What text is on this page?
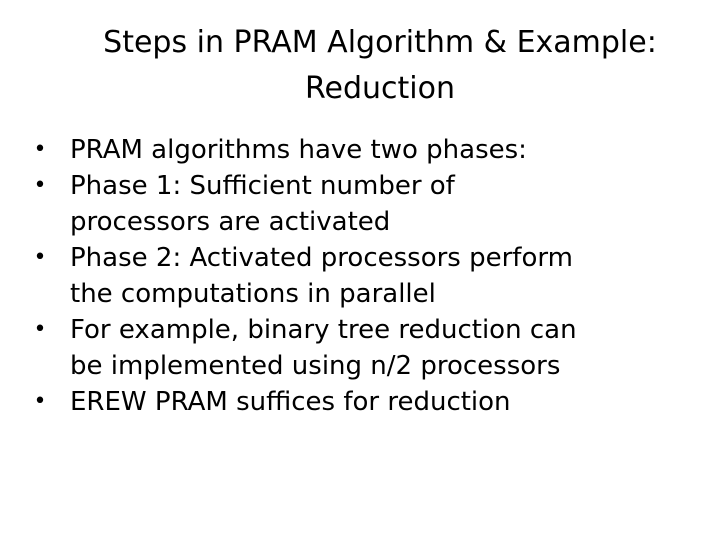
Steps in PRAM Algorithm & Example:
Reduction
• PRAM algorithms have two phases:
• Phase 1: Sufficient number of
processors are activated
• Phase 2: Activated processors perform
the computations in parallel
• For example, binary tree reduction can
be implemented using n/2 processors
• EREW PRAM suffices for reduction
